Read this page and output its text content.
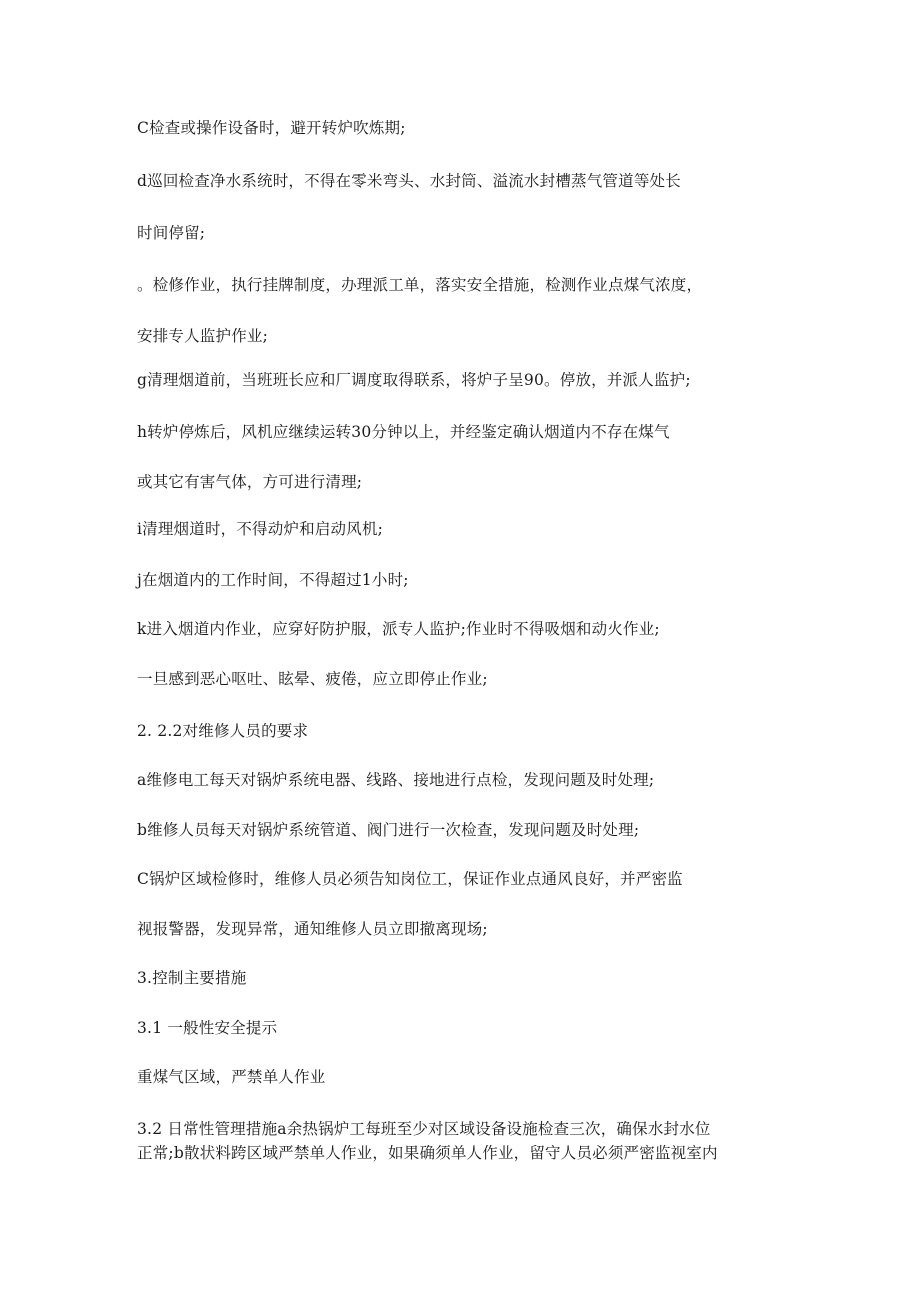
C检查或操作设备时，避开转炉吹炼期;
d巡回检查净水系统时，不得在零米弯头、水封筒、溢流水封槽蒸气管道等处长
时间停留;
。检修作业，执行挂牌制度，办理派工单，落实安全措施，检测作业点煤气浓度，
安排专人监护作业;
g清理烟道前，当班班长应和厂调度取得联系，将炉子呈90。停放，并派人监护;
h转炉停炼后，风机应继续运转30分钟以上，并经鉴定确认烟道内不存在煤气
或其它有害气体，方可进行清理;
i清理烟道时，不得动炉和启动风机;
j在烟道内的工作时间，不得超过1小时;
k进入烟道内作业，应穿好防护服，派专人监护;作业时不得吸烟和动火作业;
一旦感到恶心呕吐、眩晕、疲倦，应立即停止作业;
2. 2.2对维修人员的要求
a维修电工每天对锅炉系统电器、线路、接地进行点检，发现问题及时处理;
b维修人员每天对锅炉系统管道、阀门进行一次检查，发现问题及时处理;
C锅炉区域检修时，维修人员必须告知岗位工，保证作业点通风良好，并严密监
视报警器，发现异常，通知维修人员立即撤离现场;
3.控制主要措施
3.1 一般性安全提示
重煤气区域，严禁单人作业
3.2 日常性管理措施a余热锅炉工每班至少对区域设备设施检查三次，确保水封水位
正常;b散状料跨区域严禁单人作业，如果确须单人作业，留守人员必须严密监视室内
